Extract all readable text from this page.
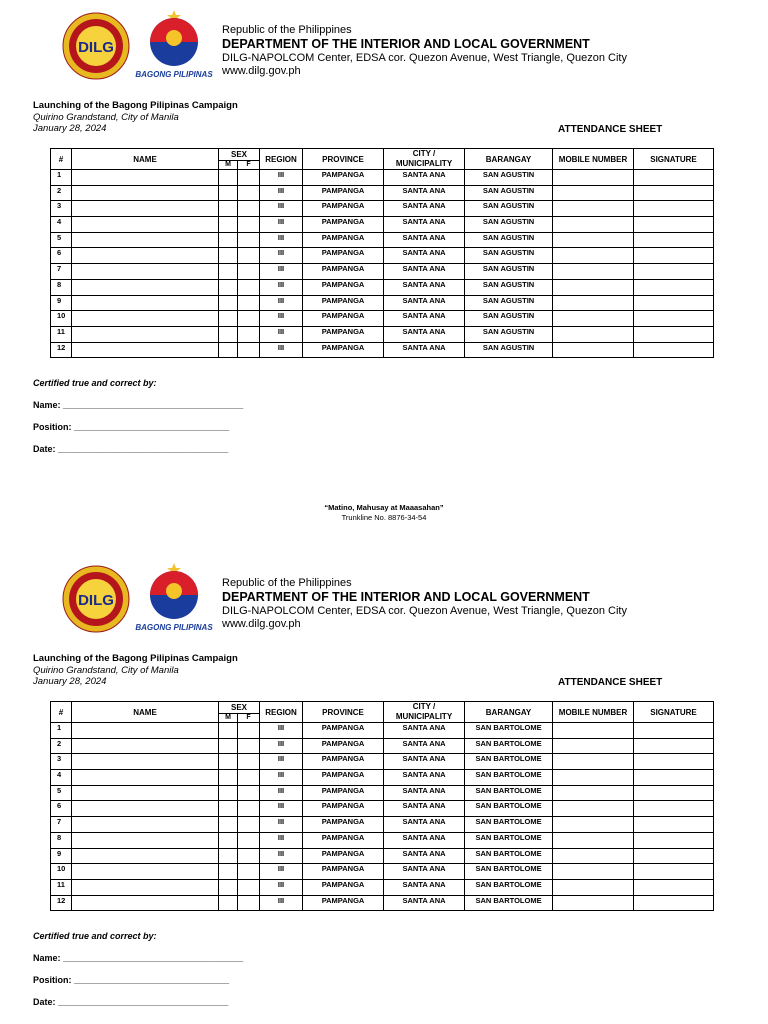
DILG
BAGONG PILIPINAS
Republic of the Philippines
DEPARTMENT OF THE INTERIOR AND LOCAL GOVERNMENT
DILG-NAPOLCOM Center, EDSA cor. Quezon Avenue, West Triangle, Quezon City
www.dilg.gov.ph
Launching of the Bagong Pilipinas Campaign
Quirino Grandstand, City of Manila
January 28, 2024	ATTENDANCE SHEET
#	NAME	SEX		REGION	PROVINCE	CITY /
MUNICIPALITY	BARANGAY	MOBILE NUMBER	SIGNATURE
		M	F						
1				III	PAMPANGA	SANTA ANA	SAN AGUSTIN		
2				III	PAMPANGA	SANTA ANA	SAN AGUSTIN		
3				III	PAMPANGA	SANTA ANA	SAN AGUSTIN		
4				III	PAMPANGA	SANTA ANA	SAN AGUSTIN		
5				III	PAMPANGA	SANTA ANA	SAN AGUSTIN		
6				III	PAMPANGA	SANTA ANA	SAN AGUSTIN		
7				III	PAMPANGA	SANTA ANA	SAN AGUSTIN		
8				III	PAMPANGA	SANTA ANA	SAN AGUSTIN		
9				III	PAMPANGA	SANTA ANA	SAN AGUSTIN		
10				III	PAMPANGA	SANTA ANA	SAN AGUSTIN		
11				III	PAMPANGA	SANTA ANA	SAN AGUSTIN		
12				III	PAMPANGA	SANTA ANA	SAN AGUSTIN		
Certified true and correct by:
Name: ____________________________________
Position: _______________________________
Date: __________________________________
“Matino, Mahusay at Maaasahan”
Trunkline No. 8876-34-54
DILG
BAGONG PILIPINAS
Republic of the Philippines
DEPARTMENT OF THE INTERIOR AND LOCAL GOVERNMENT
DILG-NAPOLCOM Center, EDSA cor. Quezon Avenue, West Triangle, Quezon City
www.dilg.gov.ph
Launching of the Bagong Pilipinas Campaign
Quirino Grandstand, City of Manila
January 28, 2024	ATTENDANCE SHEET
#	NAME	SEX		REGION	PROVINCE	CITY /
MUNICIPALITY	BARANGAY	MOBILE NUMBER	SIGNATURE
		M	F						
1				III	PAMPANGA	SANTA ANA	SAN BARTOLOME		
2				III	PAMPANGA	SANTA ANA	SAN BARTOLOME		
3				III	PAMPANGA	SANTA ANA	SAN BARTOLOME		
4				III	PAMPANGA	SANTA ANA	SAN BARTOLOME		
5				III	PAMPANGA	SANTA ANA	SAN BARTOLOME		
6				III	PAMPANGA	SANTA ANA	SAN BARTOLOME		
7				III	PAMPANGA	SANTA ANA	SAN BARTOLOME		
8				III	PAMPANGA	SANTA ANA	SAN BARTOLOME		
9				III	PAMPANGA	SANTA ANA	SAN BARTOLOME		
10				III	PAMPANGA	SANTA ANA	SAN BARTOLOME		
11				III	PAMPANGA	SANTA ANA	SAN BARTOLOME		
12				III	PAMPANGA	SANTA ANA	SAN BARTOLOME		
Certified true and correct by:
Name: ____________________________________
Position: _______________________________
Date: __________________________________
